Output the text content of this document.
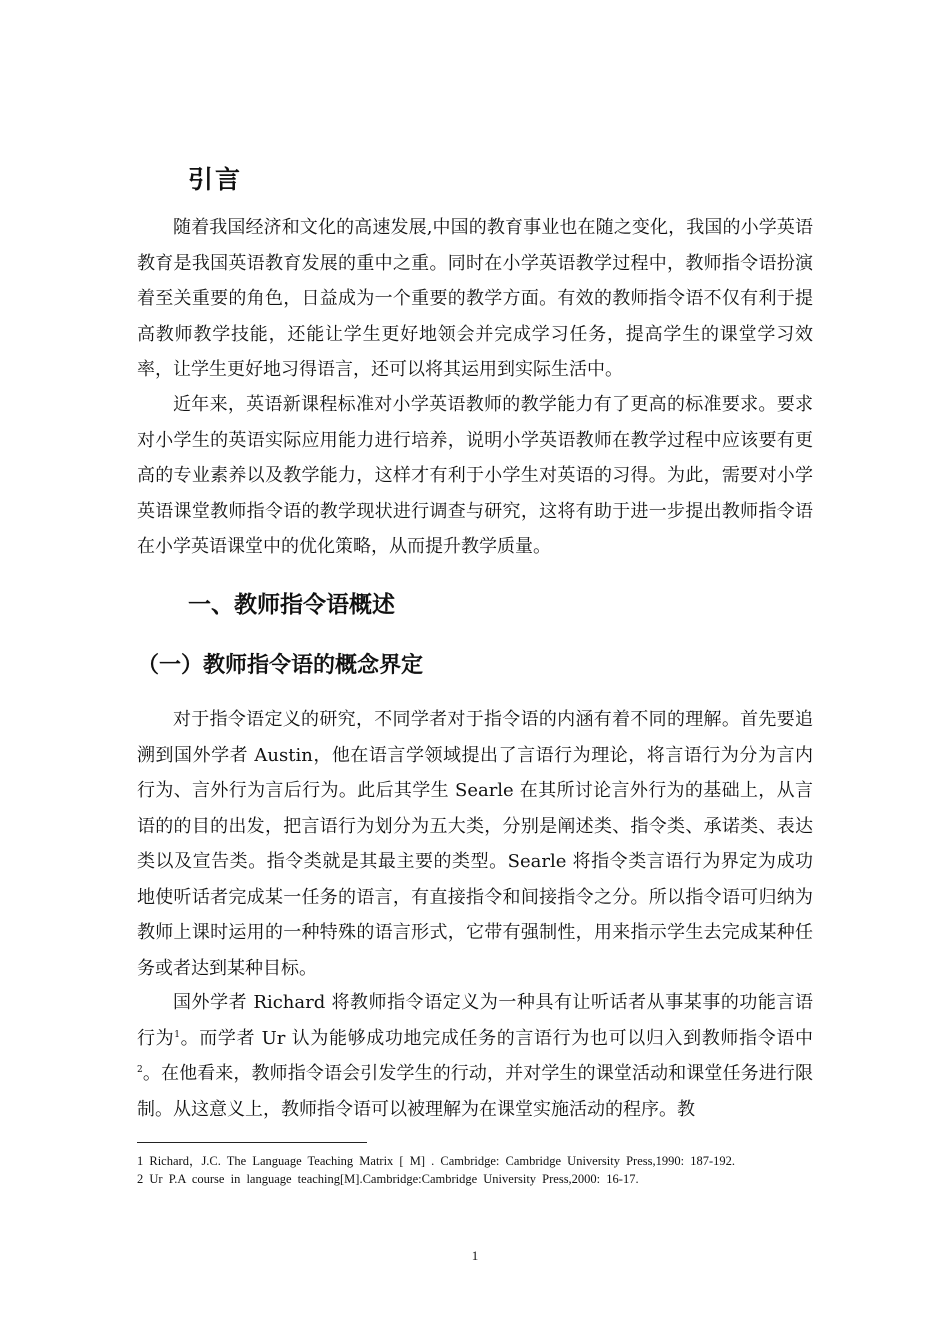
引言

随着我国经济和文化的高速发展,中国的教育事业也在随之变化，我国的小学英语教育是我国英语教育发展的重中之重。同时在小学英语教学过程中，教师指令语扮演着至关重要的角色，日益成为一个重要的教学方面。有效的教师指令语不仅有利于提高教师教学技能，还能让学生更好地领会并完成学习任务，提高学生的课堂学习效率，让学生更好地习得语言，还可以将其运用到实际生活中。

近年来，英语新课程标准对小学英语教师的教学能力有了更高的标准要求。要求对小学生的英语实际应用能力进行培养，说明小学英语教师在教学过程中应该要有更高的专业素养以及教学能力，这样才有利于小学生对英语的习得。为此，需要对小学英语课堂教师指令语的教学现状进行调查与研究，这将有助于进一步提出教师指令语在小学英语课堂中的优化策略，从而提升教学质量。

一、教师指令语概述
（一）教师指令语的概念界定

对于指令语定义的研究，不同学者对于指令语的内涵有着不同的理解。首先要追溯到国外学者 Austin，他在语言学领域提出了言语行为理论，将言语行为分为言内行为、言外行为言后行为。此后其学生 Searle 在其所讨论言外行为的基础上，从言语的的目的出发，把言语行为划分为五大类，分别是阐述类、指令类、承诺类、表达类以及宣告类。指令类就是其最主要的类型。Searle 将指令类言语行为界定为成功地使听话者完成某一任务的语言，有直接指令和间接指令之分。所以指令语可归纳为教师上课时运用的一种特殊的语言形式，它带有强制性，用来指示学生去完成某种任务或者达到某种目标。

国外学者 Richard 将教师指令语定义为一种具有让听话者从事某事的功能言语行为$^1$。而学者 Ur 认为能够成功地完成任务的言语行为也可以归入到教师指令语中$^2$。在他看来，教师指令语会引发学生的行动，并对学生的课堂活动和课堂任务进行限制。从这意义上，教师指令语可以被理解为在课堂实施活动的程序。教

1 Richard，J.C. The Language Teaching Matrix [ M] . Cambridge: Cambridge University Press,1990: 187-192.

2 Ur P.A course in language teaching[M].Cambridge:Cambridge University Press,2000: 16-17.

1
